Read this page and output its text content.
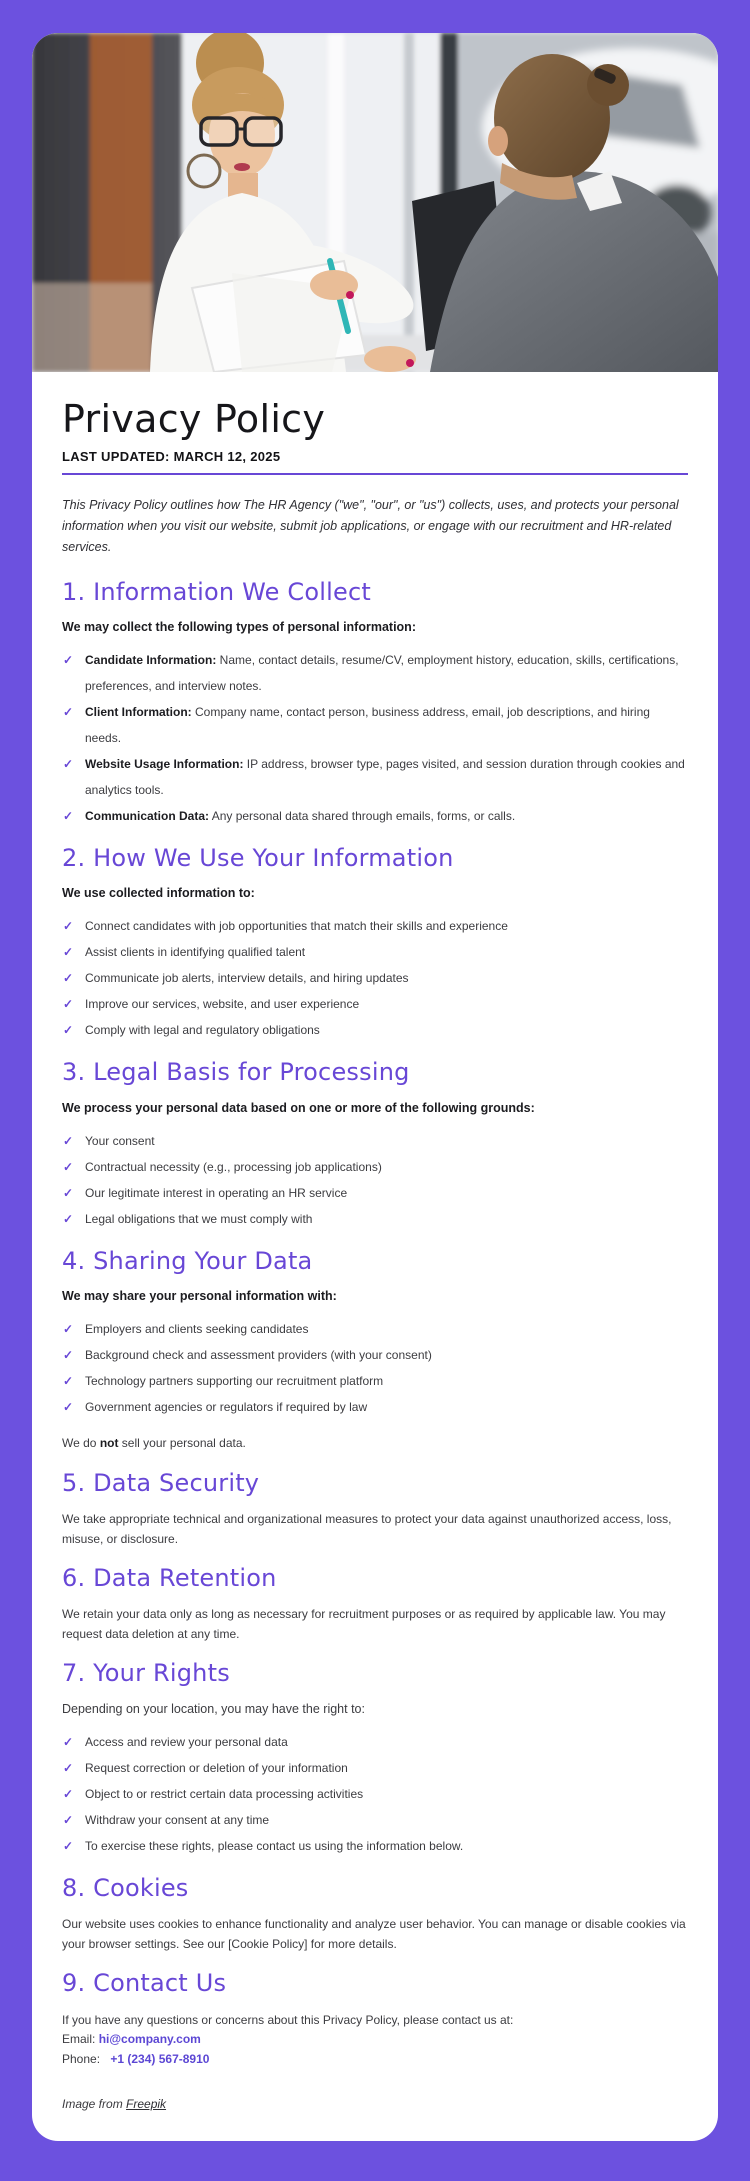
Privacy Policy

LAST UPDATED: MARCH 12, 2025

This Privacy Policy outlines how The HR Agency ("we", "our", or "us") collects, uses, and protects your personal information when you visit our website, submit job applications, or engage with our recruitment and HR-related services.

1. Information We Collect

We may collect the following types of personal information:

✓ Candidate Information: Name, contact details, resume/CV, employment history, education, skills, certifications, preferences, and interview notes.
✓ Client Information: Company name, contact person, business address, email, job descriptions, and hiring needs.
✓ Website Usage Information: IP address, browser type, pages visited, and session duration through cookies and analytics tools.
✓ Communication Data: Any personal data shared through emails, forms, or calls.
2. How We Use Your Information

We use collected information to:

✓ Connect candidates with job opportunities that match their skills and experience
✓ Assist clients in identifying qualified talent
✓ Communicate job alerts, interview details, and hiring updates
✓ Improve our services, website, and user experience
✓ Comply with legal and regulatory obligations
3. Legal Basis for Processing

We process your personal data based on one or more of the following grounds:

✓ Your consent
✓ Contractual necessity (e.g., processing job applications)
✓ Our legitimate interest in operating an HR service
✓ Legal obligations that we must comply with
4. Sharing Your Data

We may share your personal information with:

✓ Employers and clients seeking candidates
✓ Background check and assessment providers (with your consent)
✓ Technology partners supporting our recruitment platform
✓ Government agencies or regulators if required by law

We do not sell your personal data.

5. Data Security

We take appropriate technical and organizational measures to protect your data against unauthorized access, loss, misuse, or disclosure.

6. Data Retention

We retain your data only as long as necessary for recruitment purposes or as required by applicable law. You may request data deletion at any time.

7. Your Rights

Depending on your location, you may have the right to:

✓ Access and review your personal data
✓ Request correction or deletion of your information
✓ Object to or restrict certain data processing activities
✓ Withdraw your consent at any time
✓ To exercise these rights, please contact us using the information below.
8. Cookies

Our website uses cookies to enhance functionality and analyze user behavior. You can manage or disable cookies via your browser settings. See our [Cookie Policy] for more details.

9. Contact Us

If you have any questions or concerns about this Privacy Policy, please contact us at:

Email: hi@company.com

Phone: +1 (234) 567-8910

Image from Freepik
